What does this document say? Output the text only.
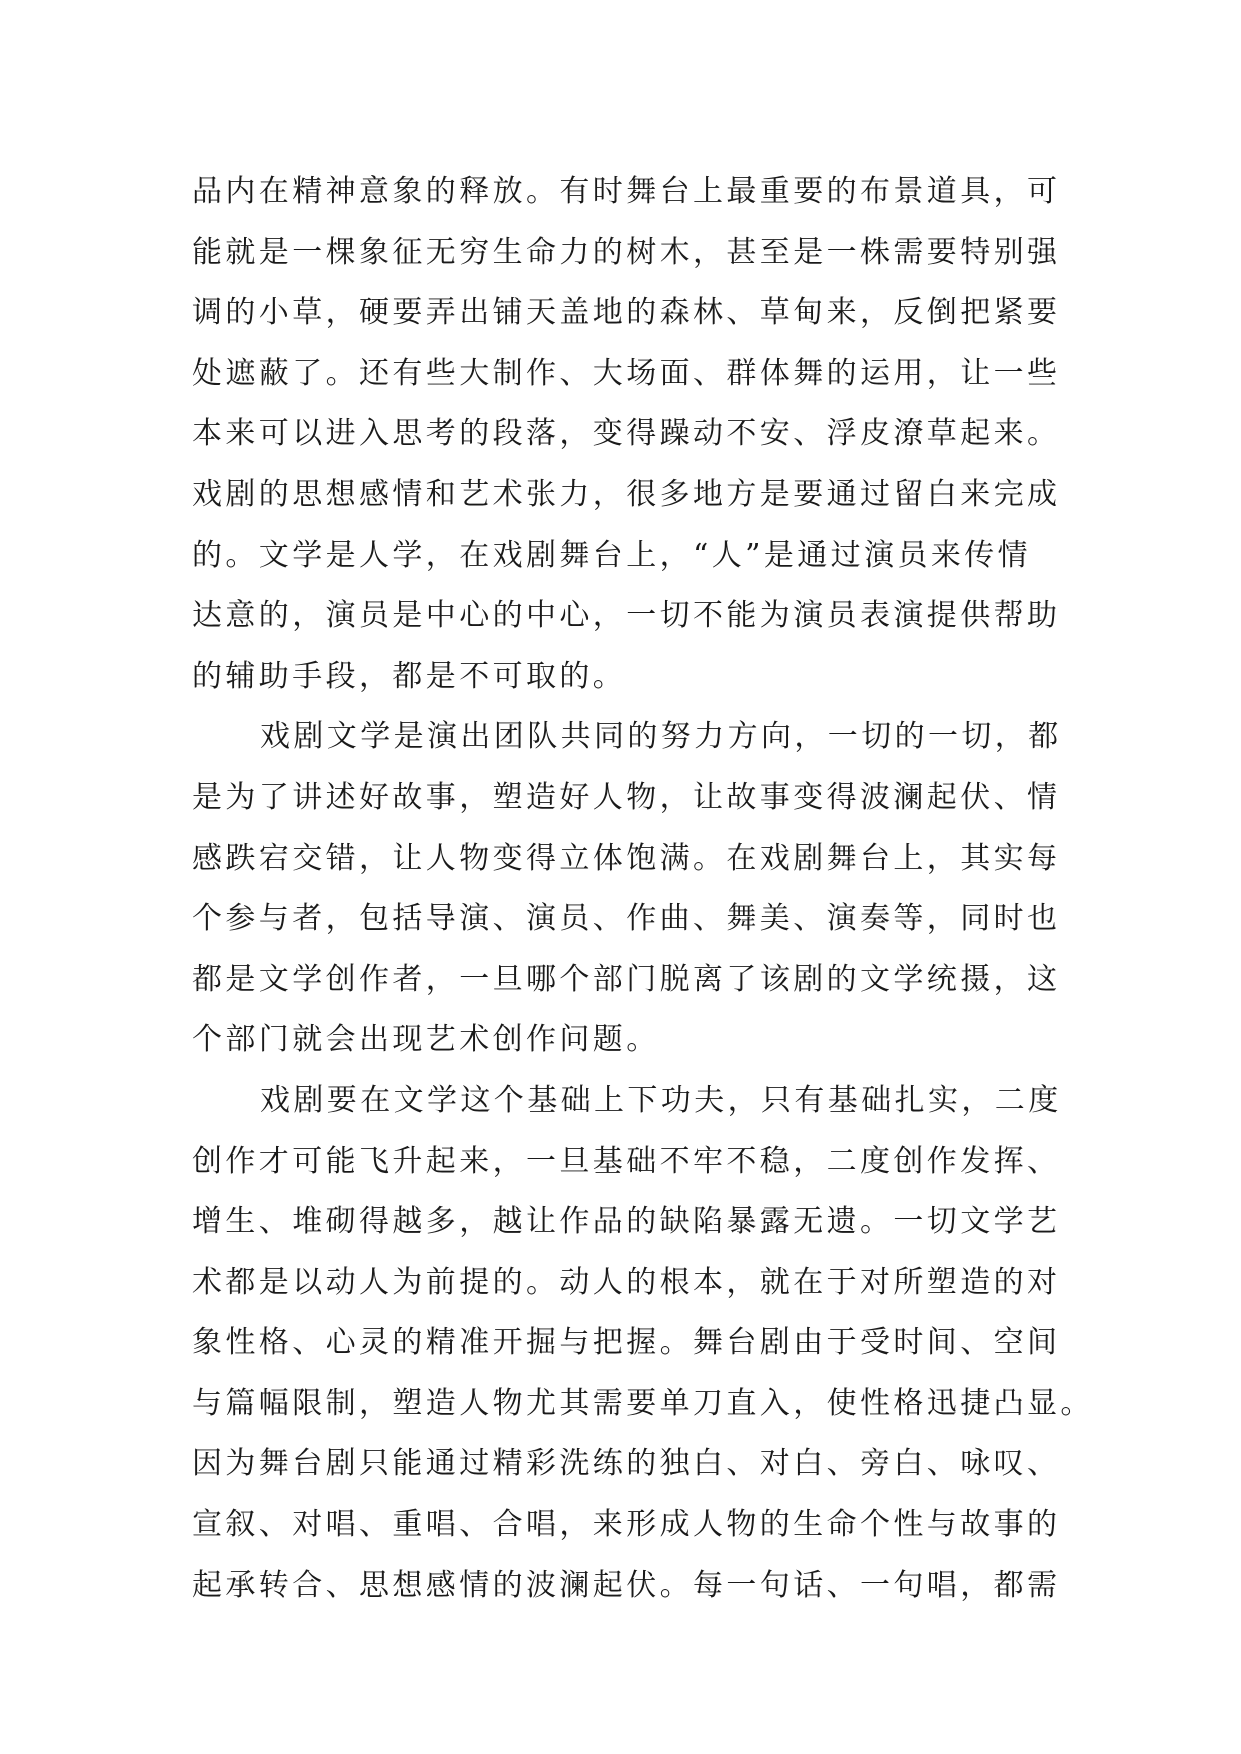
品内在精神意象的释放。有时舞台上最重要的布景道具，可

能就是一棵象征无穷生命力的树木，甚至是一株需要特别强

调的小草，硬要弄出铺天盖地的森林、草甸来，反倒把紧要

处遮蔽了。还有些大制作、大场面、群体舞的运用，让一些

本来可以进入思考的段落，变得躁动不安、浮皮潦草起来。

戏剧的思想感情和艺术张力，很多地方是要通过留白来完成

的。文学是人学，在戏剧舞台上，“人”是通过演员来传情

达意的，演员是中心的中心，一切不能为演员表演提供帮助

的辅助手段，都是不可取的。

戏剧文学是演出团队共同的努力方向，一切的一切，都

是为了讲述好故事，塑造好人物，让故事变得波澜起伏、情

感跌宕交错，让人物变得立体饱满。在戏剧舞台上，其实每

个参与者，包括导演、演员、作曲、舞美、演奏等，同时也

都是文学创作者，一旦哪个部门脱离了该剧的文学统摄，这

个部门就会出现艺术创作问题。

戏剧要在文学这个基础上下功夫，只有基础扎实，二度

创作才可能飞升起来，一旦基础不牢不稳，二度创作发挥、

增生、堆砌得越多，越让作品的缺陷暴露无遗。一切文学艺

术都是以动人为前提的。动人的根本，就在于对所塑造的对

象性格、心灵的精准开掘与把握。舞台剧由于受时间、空间

与篇幅限制，塑造人物尤其需要单刀直入，使性格迅捷凸显。

因为舞台剧只能通过精彩洗练的独白、对白、旁白、咏叹、

宣叙、对唱、重唱、合唱，来形成人物的生命个性与故事的

起承转合、思想感情的波澜起伏。每一句话、一句唱，都需
